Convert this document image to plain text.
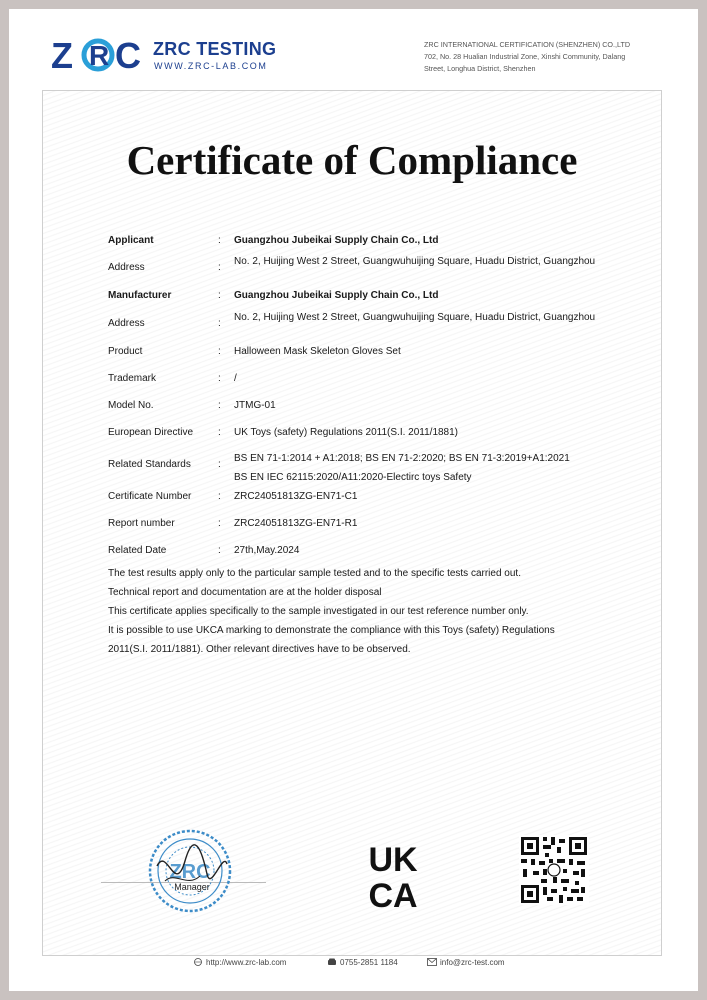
Z R C ZRC TESTING
WWW.ZRC-LAB.COM
ZRC INTERNATIONAL CERTIFICATION (SHENZHEN) CO.,LTD
702, No. 28 Hualian Industrial Zone, Xinshi Community, Dalang
Street, Longhua District, Shenzhen
Certificate of Compliance
Applicant	: Guangzhou Jubeikai Supply Chain Co., Ltd
Address	:
No. 2, Huijing West 2 Street, Guangwuhuijing Square, Huadu District, Guangzhou
Manufacturer	: Guangzhou Jubeikai Supply Chain Co., Ltd
Address	:
No. 2, Huijing West 2 Street, Guangwuhuijing Square, Huadu District, Guangzhou
Product	: Halloween Mask Skeleton Gloves Set
Trademark	: /
Model No.	: JTMG-01
European Directive : UK Toys (safety) Regulations 2011(S.I. 2011/1881)
Related Standards	:
BS EN 71-1:2014 + A1:2018; BS EN 71-2:2020; BS EN 71-3:2019+A1:2021
BS EN IEC 62115:2020/A11:2020-Electirc toys Safety
Certificate Number	: ZRC24051813ZG-EN71-C1
Report number	: ZRC24051813ZG-EN71-R1
Related Date	: 27th,May.2024
The test results apply only to the particular sample tested and to the specific tests carried out.
Technical report and documentation are at the holder disposal
This certificate applies specifically to the sample investigated in our test reference number only.
It is possible to use UKCA marking to demonstrate the compliance with this Toys (safety) Regulations
2011(S.I. 2011/1881). Other relevant directives have to be observed.
ZRC
Manager
UK
CA
http://www.zrc-lab.com	0755-2851 1184	info@zrc-test.com
